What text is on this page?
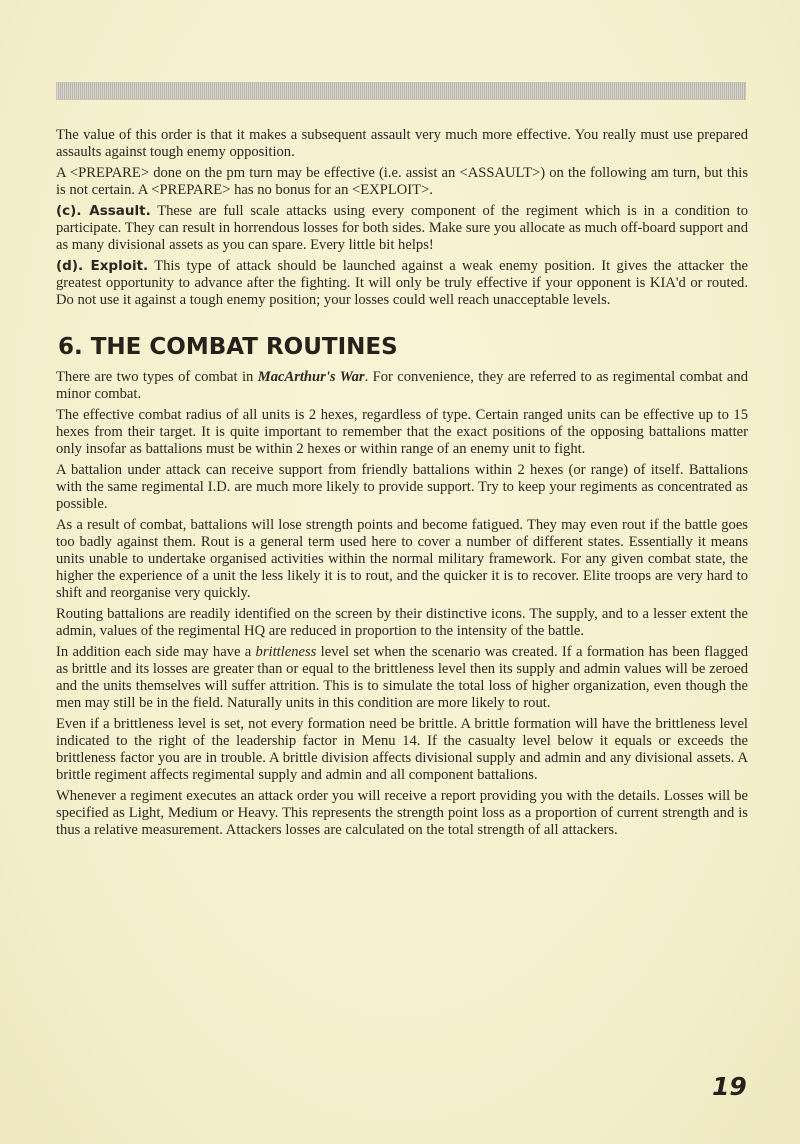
The value of this order is that it makes a subsequent assault very much more effective. You really must use prepared assaults against tough enemy opposition.

A <PREPARE> done on the pm turn may be effective (i.e. assist an <ASSAULT>) on the following am turn, but this is not certain. A <PREPARE> has no bonus for an <EXPLOIT>.

(c). Assault. These are full scale attacks using every component of the regiment which is in a condition to participate. They can result in horrendous losses for both sides. Make sure you allocate as much off-board support and as many divisional assets as you can spare. Every little bit helps!

(d). Exploit. This type of attack should be launched against a weak enemy position. It gives the attacker the greatest opportunity to advance after the fighting. It will only be truly effective if your opponent is KIA'd or routed. Do not use it against a tough enemy position; your losses could well reach unacceptable levels.

6. THE COMBAT ROUTINES

There are two types of combat in MacArthur's War. For convenience, they are referred to as regimental combat and minor combat.

The effective combat radius of all units is 2 hexes, regardless of type. Certain ranged units can be effective up to 15 hexes from their target. It is quite important to remember that the exact positions of the opposing battalions matter only insofar as battalions must be within 2 hexes or within range of an enemy unit to fight.

A battalion under attack can receive support from friendly battalions within 2 hexes (or range) of itself. Battalions with the same regimental I.D. are much more likely to provide support. Try to keep your regiments as concentrated as possible.

As a result of combat, battalions will lose strength points and become fatigued. They may even rout if the battle goes too badly against them. Rout is a general term used here to cover a number of different states. Essentially it means units unable to undertake organised activities within the normal military framework. For any given combat state, the higher the experience of a unit the less likely it is to rout, and the quicker it is to recover. Elite troops are very hard to shift and reorganise very quickly.

Routing battalions are readily identified on the screen by their distinctive icons. The supply, and to a lesser extent the admin, values of the regimental HQ are reduced in proportion to the intensity of the battle.

In addition each side may have a brittleness level set when the scenario was created. If a formation has been flagged as brittle and its losses are greater than or equal to the brittleness level then its supply and admin values will be zeroed and the units themselves will suffer attrition. This is to simulate the total loss of higher organization, even though the men may still be in the field. Naturally units in this condition are more likely to rout.

Even if a brittleness level is set, not every formation need be brittle. A brittle formation will have the brittleness level indicated to the right of the leadership factor in Menu 14. If the casualty level below it equals or exceeds the brittleness factor you are in trouble. A brittle division affects divisional supply and admin and any divisional assets. A brittle regiment affects regimental supply and admin and all component battalions.

Whenever a regiment executes an attack order you will receive a report providing you with the details. Losses will be specified as Light, Medium or Heavy. This represents the strength point loss as a proportion of current strength and is thus a relative measurement. Attackers losses are calculated on the total strength of all attackers.

19
